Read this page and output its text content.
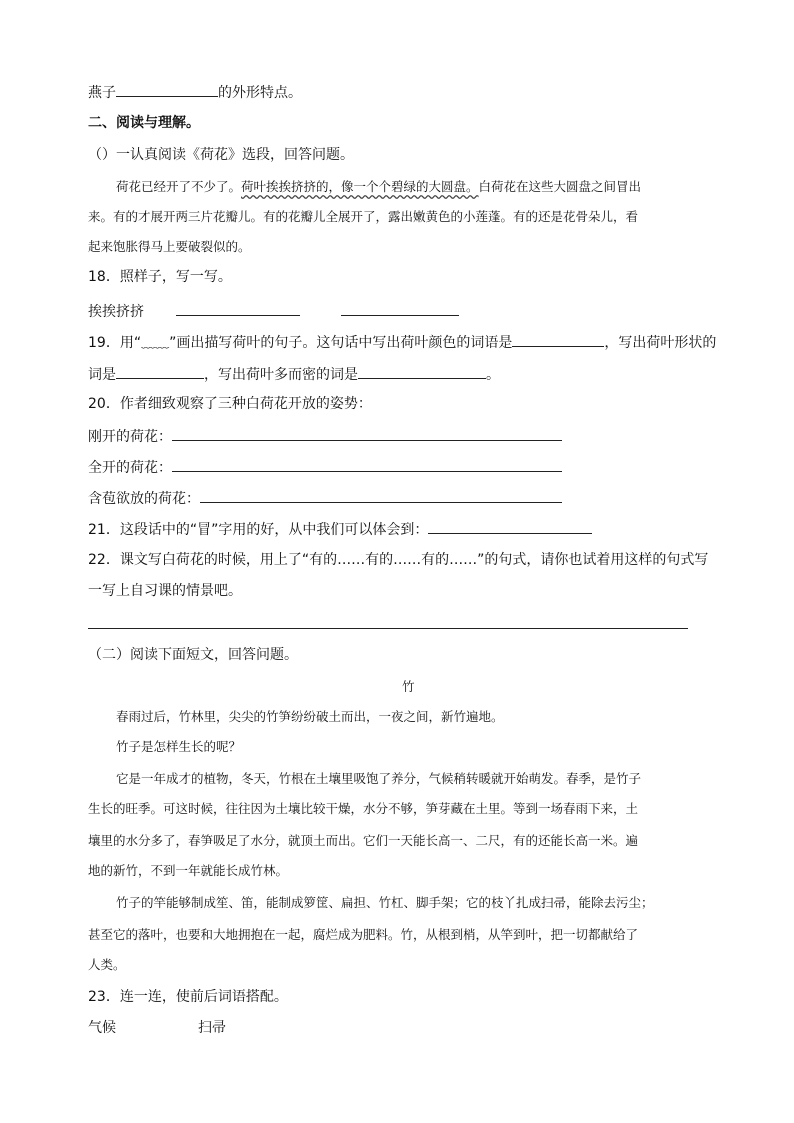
燕子	的外形特点。
二、阅读与理解。
（）一认真阅读《荷花》选段，回答问题。
荷花已经开了不少了。荷叶挨挨挤挤的，像一个个碧绿的大圆盘。白荷花在这些大圆盘之间冒出
来。有的才展开两三片花瓣儿。有的花瓣儿全展开了，露出嫩黄色的小莲蓬。有的还是花骨朵儿，看
起来饱胀得马上要破裂似的。
18．照样子，写一写。
挨挨挤挤
19．用“﹏﹏”画出描写荷叶的句子。这句话中写出荷叶颜色的词语是	，写出荷叶形状的
词是	，写出荷叶多而密的词是	。
20．作者细致观察了三种白荷花开放的姿势：
刚开的荷花：
全开的荷花：
含苞欲放的荷花：
21．这段话中的“冒”字用的好，从中我们可以体会到：
22．课文写白荷花的时候，用上了“有的……有的……有的……”的句式，请你也试着用这样的句式写
一写上自习课的情景吧。
（二）阅读下面短文，回答问题。
竹
春雨过后，竹林里，尖尖的竹笋纷纷破土而出，一夜之间，新竹遍地。
竹子是怎样生长的呢？
它是一年成才的植物，冬天，竹根在土壤里吸饱了养分，气候稍转暖就开始萌发。春季，是竹子
生长的旺季。可这时候，往往因为土壤比较干燥，水分不够，笋芽藏在土里。等到一场春雨下来，土
壤里的水分多了，春笋吸足了水分，就顶土而出。它们一天能长高一、二尺，有的还能长高一米。遍
地的新竹，不到一年就能长成竹林。
竹子的竿能够制成笙、笛，能制成箩筐、扁担、竹杠、脚手架；它的枝丫扎成扫帚，能除去污尘；
甚至它的落叶，也要和大地拥抱在一起，腐烂成为肥料。竹，从根到梢，从竿到叶，把一切都献给了
人类。
23．连一连，使前后词语搭配。
气候	扫帚
